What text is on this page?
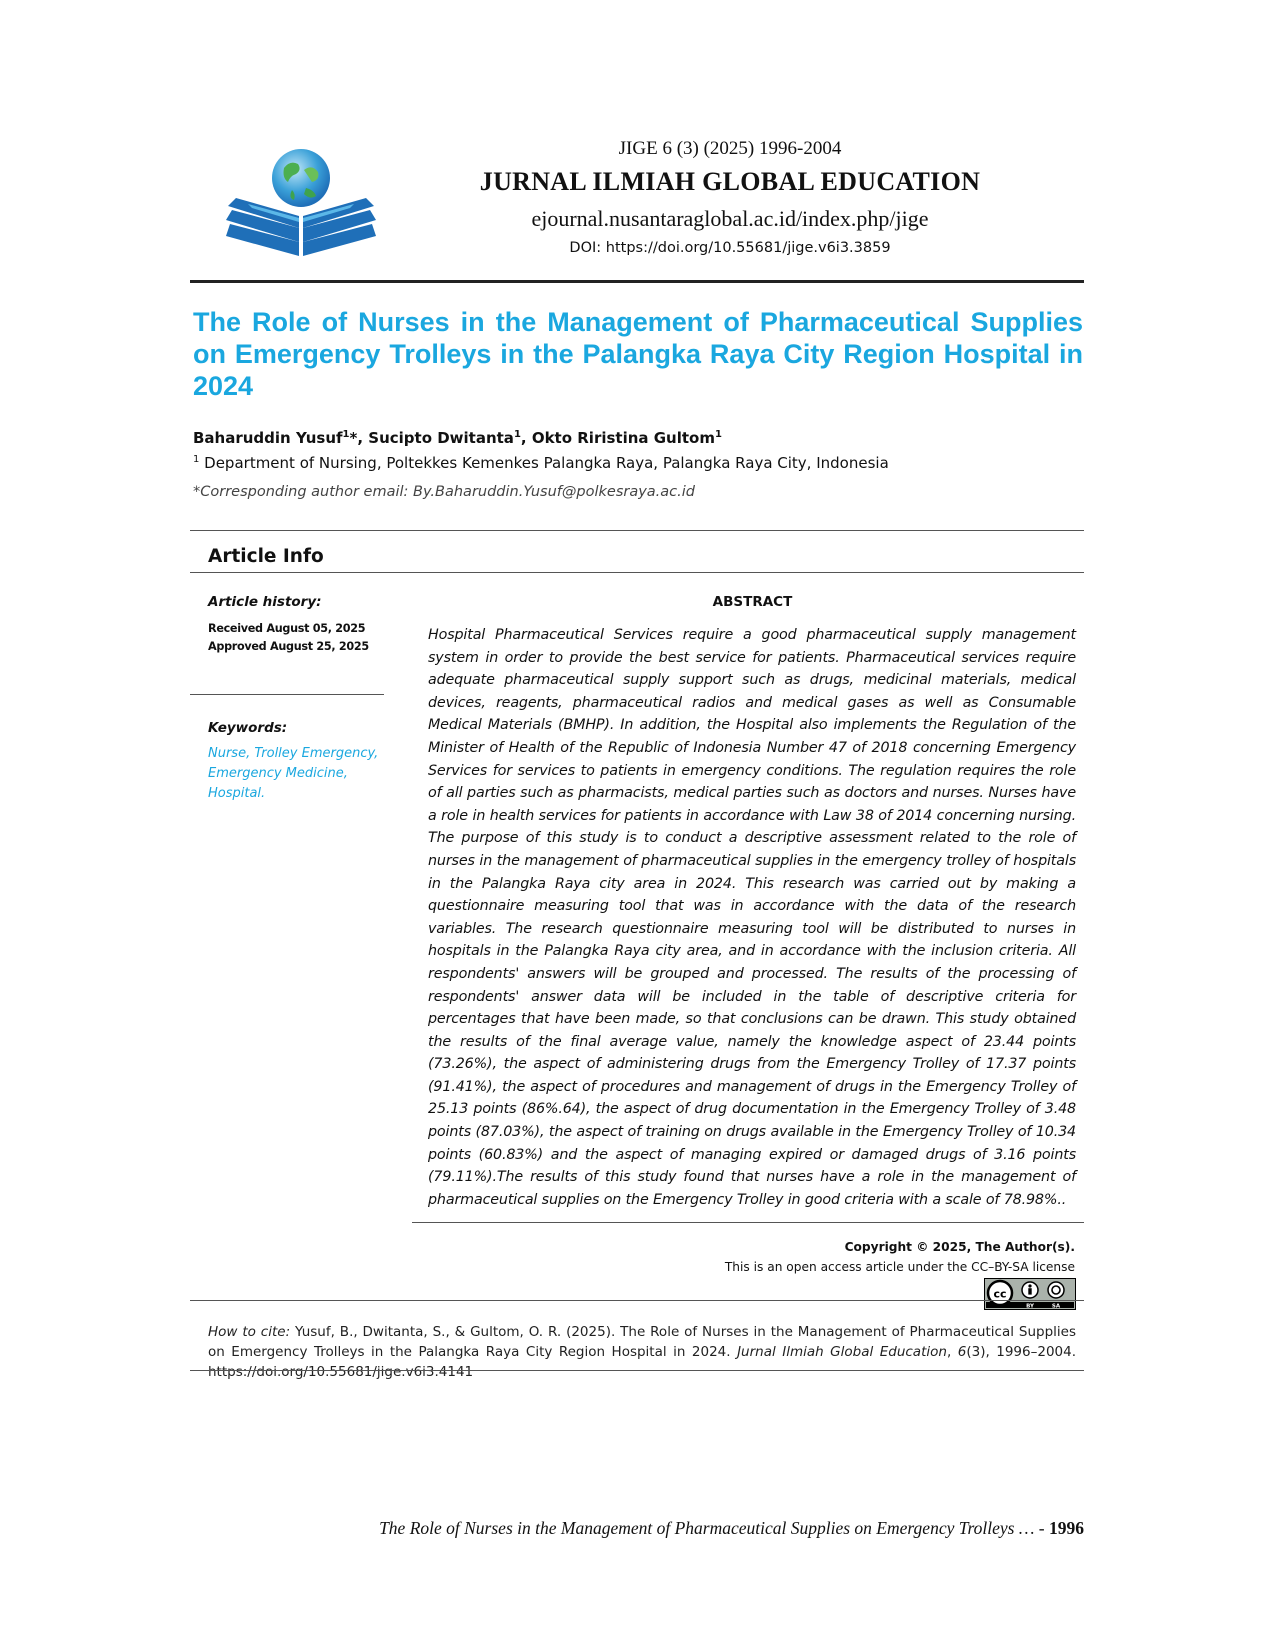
JIGE 6 (3) (2025) 1996-2004
JURNAL ILMIAH GLOBAL EDUCATION
ejournal.nusantaraglobal.ac.id/index.php/jige
DOI: https://doi.org/10.55681/jige.v6i3.3859
The Role of Nurses in the Management of Pharmaceutical Supplies on Emergency Trolleys in the Palangka Raya City Region Hospital in 2024
Baharuddin Yusuf$^1$*, Sucipto Dwitanta$^1$, Okto Riristina Gultom$^1$
$^1$ Department of Nursing, Poltekkes Kemenkes Palangka Raya, Palangka Raya City, Indonesia
*Corresponding author email: By.Baharuddin.Yusuf@polkesraya.ac.id
Article Info
Article history:
Received August 05, 2025
Approved August 25, 2025
Keywords:
Nurse, Trolley Emergency,
Emergency Medicine,
Hospital.
ABSTRACT
Hospital Pharmaceutical Services require a good pharmaceutical supply management system in order to provide the best service for patients. Pharmaceutical services require adequate pharmaceutical supply support such as drugs, medicinal materials, medical devices, reagents, pharmaceutical radios and medical gases as well as Consumable Medical Materials (BMHP). In addition, the Hospital also implements the Regulation of the Minister of Health of the Republic of Indonesia Number 47 of 2018 concerning Emergency Services for services to patients in emergency conditions. The regulation requires the role of all parties such as pharmacists, medical parties such as doctors and nurses. Nurses have a role in health services for patients in accordance with Law 38 of 2014 concerning nursing. The purpose of this study is to conduct a descriptive assessment related to the role of nurses in the management of pharmaceutical supplies in the emergency trolley of hospitals in the Palangka Raya city area in 2024. This research was carried out by making a questionnaire measuring tool that was in accordance with the data of the research variables. The research questionnaire measuring tool will be distributed to nurses in hospitals in the Palangka Raya city area, and in accordance with the inclusion criteria. All respondents' answers will be grouped and processed. The results of the processing of respondents' answer data will be included in the table of descriptive criteria for percentages that have been made, so that conclusions can be drawn. This study obtained the results of the final average value, namely the knowledge aspect of 23.44 points (73.26%), the aspect of administering drugs from the Emergency Trolley of 17.37 points (91.41%), the aspect of procedures and management of drugs in the Emergency Trolley of 25.13 points (86%.64), the aspect of drug documentation in the Emergency Trolley of 3.48 points (87.03%), the aspect of training on drugs available in the Emergency Trolley of 10.34 points (60.83%) and the aspect of managing expired or damaged drugs of 3.16 points (79.11%).The results of this study found that nurses have a role in the management of pharmaceutical supplies on the Emergency Trolley in good criteria with a scale of 78.98%..
Copyright © 2025, The Author(s).
This is an open access article under the CC–BY-SA license
cc
BY	SA
How to cite: Yusuf, B., Dwitanta, S., & Gultom, O. R. (2025). The Role of Nurses in the Management of Pharmaceutical Supplies on Emergency Trolleys in the Palangka Raya City Region Hospital in 2024. Jurnal Ilmiah Global Education, 6(3), 1996–2004. https://doi.org/10.55681/jige.v6i3.4141
The Role of Nurses in the Management of Pharmaceutical Supplies on Emergency Trolleys … - 1996
